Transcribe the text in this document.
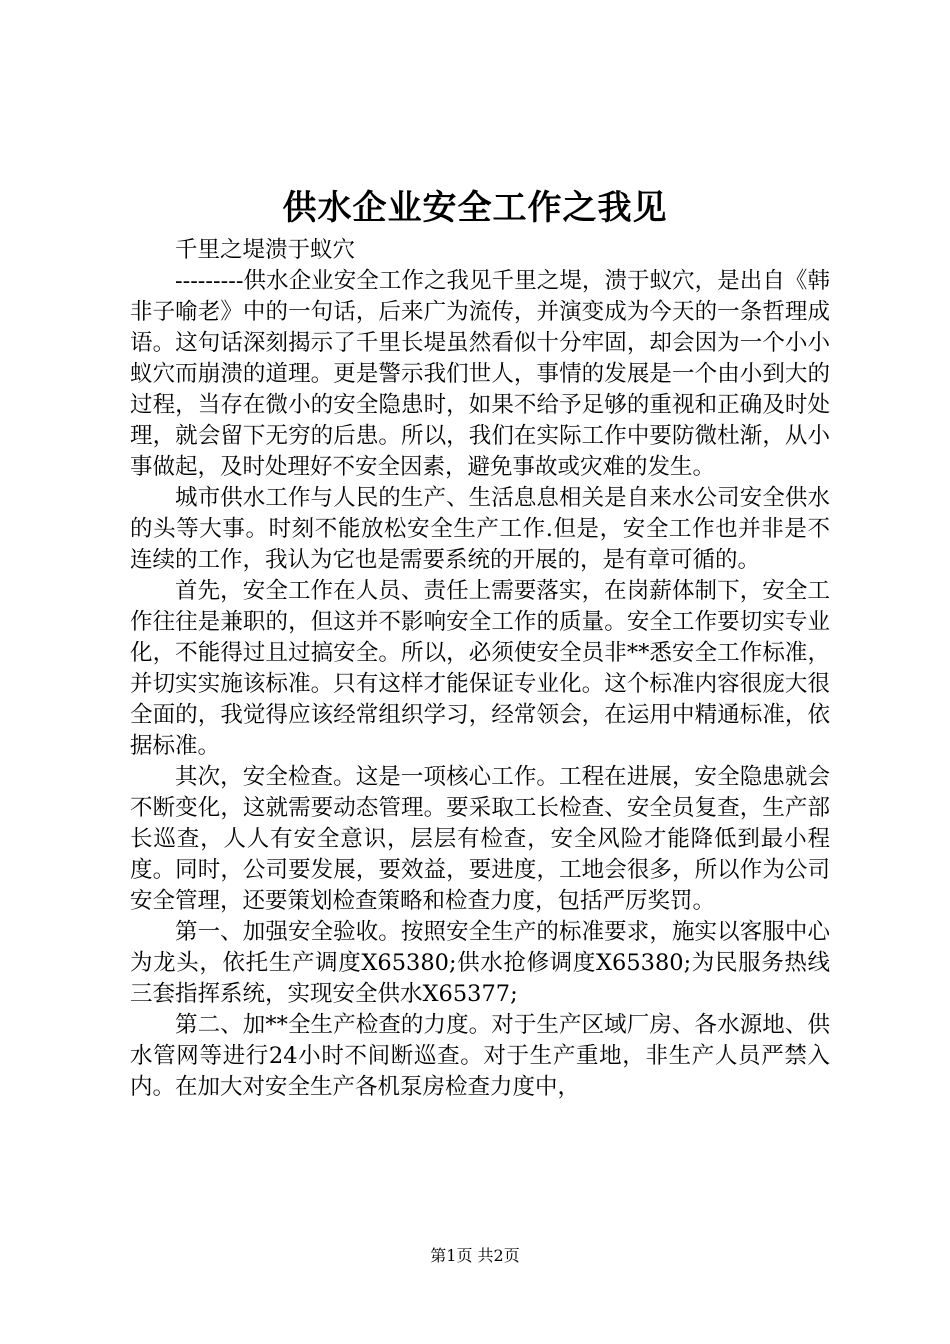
供水企业安全工作之我见

千里之堤溃于蚁穴

---------供水企业安全工作之我见千里之堤，溃于蚁穴，是出自《韩非子喻老》中的一句话，后来广为流传，并演变成为今天的一条哲理成语。这句话深刻揭示了千里长堤虽然看似十分牢固，却会因为一个小小蚁穴而崩溃的道理。更是警示我们世人，事情的发展是一个由小到大的过程，当存在微小的安全隐患时，如果不给予足够的重视和正确及时处理，就会留下无穷的后患。所以，我们在实际工作中要防微杜渐，从小事做起，及时处理好不安全因素，避免事故或灾难的发生。

城市供水工作与人民的生产、生活息息相关是自来水公司安全供水的头等大事。时刻不能放松安全生产工作.但是，安全工作也并非是不连续的工作，我认为它也是需要系统的开展的，是有章可循的。

首先，安全工作在人员、责任上需要落实，在岗薪体制下，安全工作往往是兼职的，但这并不影响安全工作的质量。安全工作要切实专业化，不能得过且过搞安全。所以，必须使安全员非**悉安全工作标准，并切实实施该标准。只有这样才能保证专业化。这个标准内容很庞大很全面的，我觉得应该经常组织学习，经常领会，在运用中精通标准，依据标准。

其次，安全检查。这是一项核心工作。工程在进展，安全隐患就会不断变化，这就需要动态管理。要采取工长检查、安全员复查，生产部长巡查，人人有安全意识，层层有检查，安全风险才能降低到最小程度。同时，公司要发展，要效益，要进度，工地会很多，所以作为公司安全管理，还要策划检查策略和检查力度，包括严厉奖罚。

第一、加强安全验收。按照安全生产的标准要求，施实以客服中心为龙头，依托生产调度X65380;供水抢修调度X65380;为民服务热线三套指挥系统，实现安全供水X65377;

第二、加**全生产检查的力度。对于生产区域厂房、各水源地、供水管网等进行24小时不间断巡查。对于生产重地，非生产人员严禁入内。在加大对安全生产各机泵房检查力度中，

第1页 共2页
